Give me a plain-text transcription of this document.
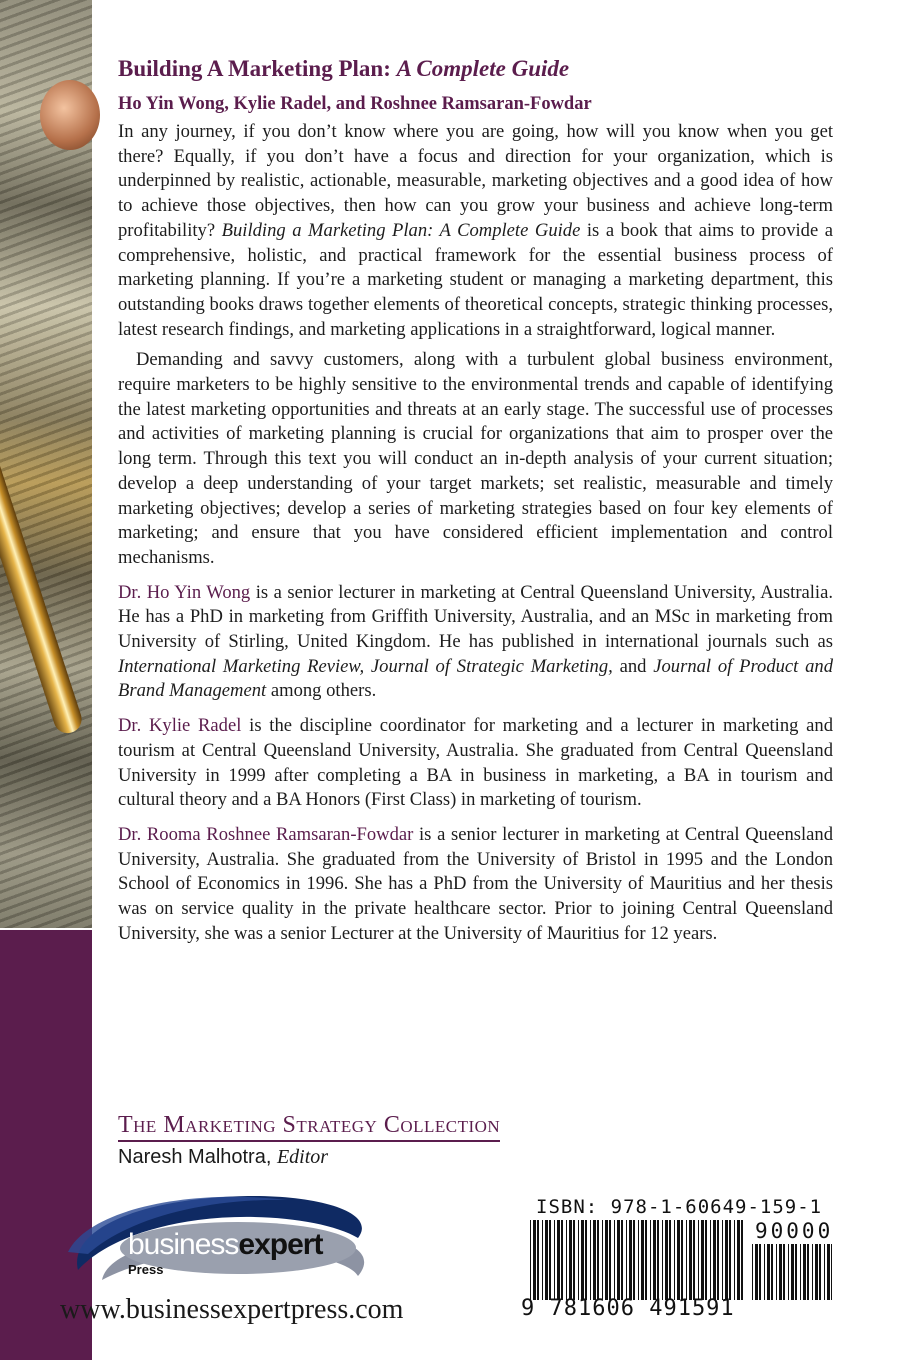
Building A Marketing Plan: A Complete Guide
Ho Yin Wong, Kylie Radel, and Roshnee Ramsaran-Fowdar

In any journey, if you don’t know where you are going, how will you know when you get there? Equally, if you don’t have a focus and direction for your organization, which is underpinned by realistic, actionable, measurable, marketing objectives and a good idea of how to achieve those objectives, then how can you grow your business and achieve long-term profitability? Building a Marketing Plan: A Complete Guide is a book that aims to provide a comprehensive, holistic, and practical framework for the essential business process of marketing planning. If you’re a marketing student or managing a marketing department, this outstanding books draws together elements of theoretical concepts, strategic thinking processes, latest research findings, and marketing applications in a straightforward, logical manner.

Demanding and savvy customers, along with a turbulent global business environment, require marketers to be highly sensitive to the environmental trends and capable of identifying the latest marketing opportunities and threats at an early stage. The successful use of processes and activities of marketing planning is crucial for organizations that aim to prosper over the long term. Through this text you will conduct an in-depth analysis of your current situation; develop a deep understanding of your target markets; set realistic, measurable and timely marketing objectives; develop a series of marketing strategies based on four key elements of marketing; and ensure that you have considered efficient implementation and control mechanisms.

Dr. Ho Yin Wong is a senior lecturer in marketing at Central Queensland University, Australia. He has a PhD in marketing from Griffith University, Australia, and an MSc in marketing from University of Stirling, United Kingdom. He has published in international journals such as International Marketing Review, Journal of Strategic Marketing, and Journal of Product and Brand Management among others.

Dr. Kylie Radel is the discipline coordinator for marketing and a lecturer in marketing and tourism at Central Queensland University, Australia. She graduated from Central Queensland University in 1999 after completing a BA in business in marketing, a BA in tourism and cultural theory and a BA Honors (First Class) in marketing of tourism.

Dr. Rooma Roshnee Ramsaran-Fowdar is a senior lecturer in marketing at Central Queensland University, Australia. She graduated from the University of Bristol in 1995 and the London School of Economics in 1996. She has a PhD from the University of Mauritius and her thesis was on service quality in the private healthcare sector. Prior to joining Central Queensland University, she was a senior Lecturer at the University of Mauritius for 12 years.

The Marketing Strategy Collection
Naresh Malhotra, Editor
businessexpert
Press
www.businessexpertpress.com
ISBN: 978-1-60649-159-1
90000
9 781606 491591
